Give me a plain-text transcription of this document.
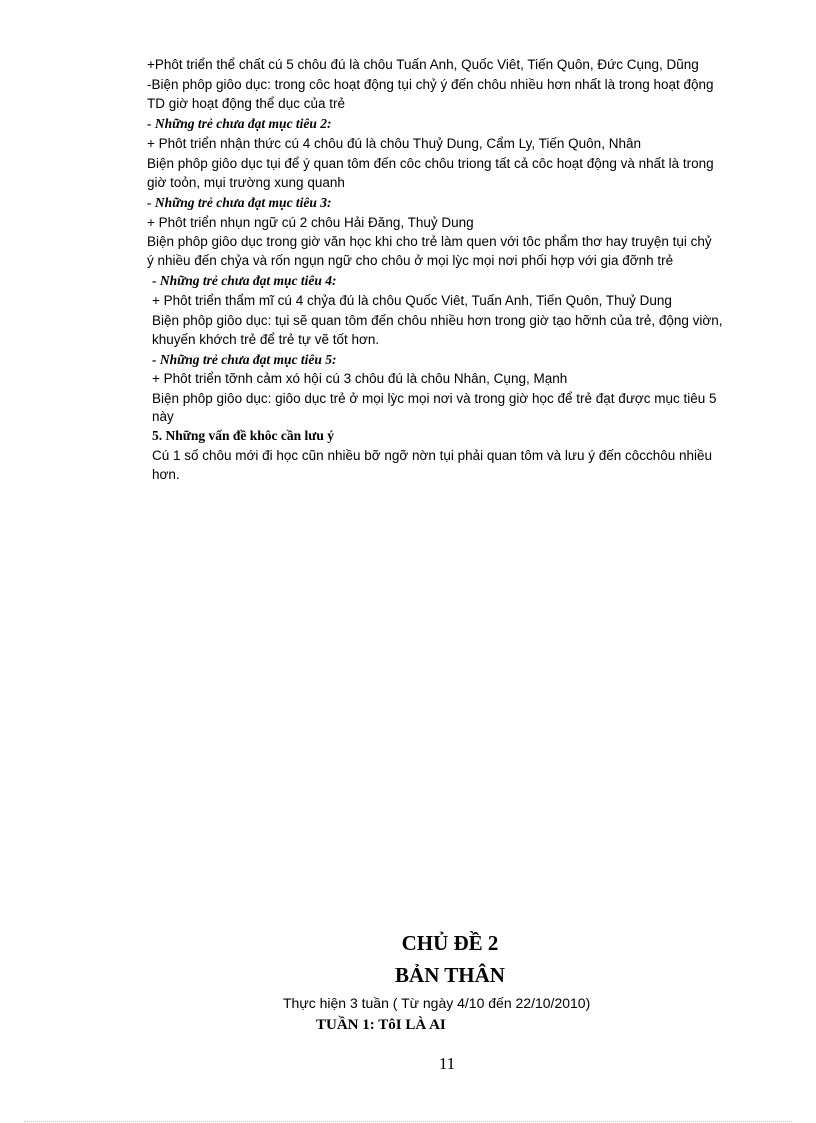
+Phôt triển thể chất cú 5 chôu đú là chôu Tuấn Anh, Quốc Viêt, Tiến Quôn, Đức Cụng, Dũng
-Biện phôp giôo dục: trong côc hoạt động tụi chỷ ý đến chôu nhiều hơn nhất là trong hoạt động
TD giờ hoạt động thể dục của trẻ
- Những trẻ chưa đạt mục tiêu 2:
+ Phôt triển nhận thức cú 4 chôu đú là chôu Thuỷ Dung, Cẩm Ly, Tiến Quôn, Nhân
Biện phôp giôo dục tụi để ý quan tôm đến côc chôu triong tất cả côc hoạt động và nhất là trong
giờ toỏn, mụi trường xung quanh
- Những trẻ chưa đạt mục tiêu 3:
+ Phôt triển nhụn ngữ cú 2 chôu Hải Đăng, Thuỷ Dung
Biện phôp giôo dục trong giờ văn học khi cho trẻ làm quen với tôc phẩm thơ hay truyện tụi chỷ
ý nhiều đến chỷa và rốn ngụn ngữ cho chôu ở mọi lỳc mọi nơi phối hợp với gia đỡnh trẻ
- Những trẻ chưa đạt mục tiêu 4:
+ Phôt triển thẩm mĩ cú 4 chỷa đú là chôu Quốc Viêt, Tuấn Anh, Tiến Quôn, Thuỷ Dung
Biện phôp giôo dục: tụi sẽ quan tôm đến chôu nhiều hơn trong giờ tạo hỡnh của trẻ, động viờn,
khuyến khớch trẻ để trẻ tự vẽ tốt hơn.
- Những trẻ chưa đạt mục tiêu 5:
+ Phôt triển tỡnh cảm xó hội cú 3 chôu đú là chôu Nhân, Cụng, Mạnh
Biện phôp giôo dục: giôo dục trẻ ở mọi lỳc mọi nơi và trong giờ học để trẻ đạt được mục tiêu 5
này
5. Những vấn đề khôc cần lưu ý
Cú 1 số chôu mới đi học cũn nhiều bỡ ngỡ nờn tụi phải quan tôm và lưu ý đến côcchôu nhiều
hơn.
CHỦ ĐỀ 2
BẢN THÂN
Thực hiện 3 tuần ( Từ ngày 4/10 đến 22/10/2010)
TUẦN 1: TôI LÀ AI
11
